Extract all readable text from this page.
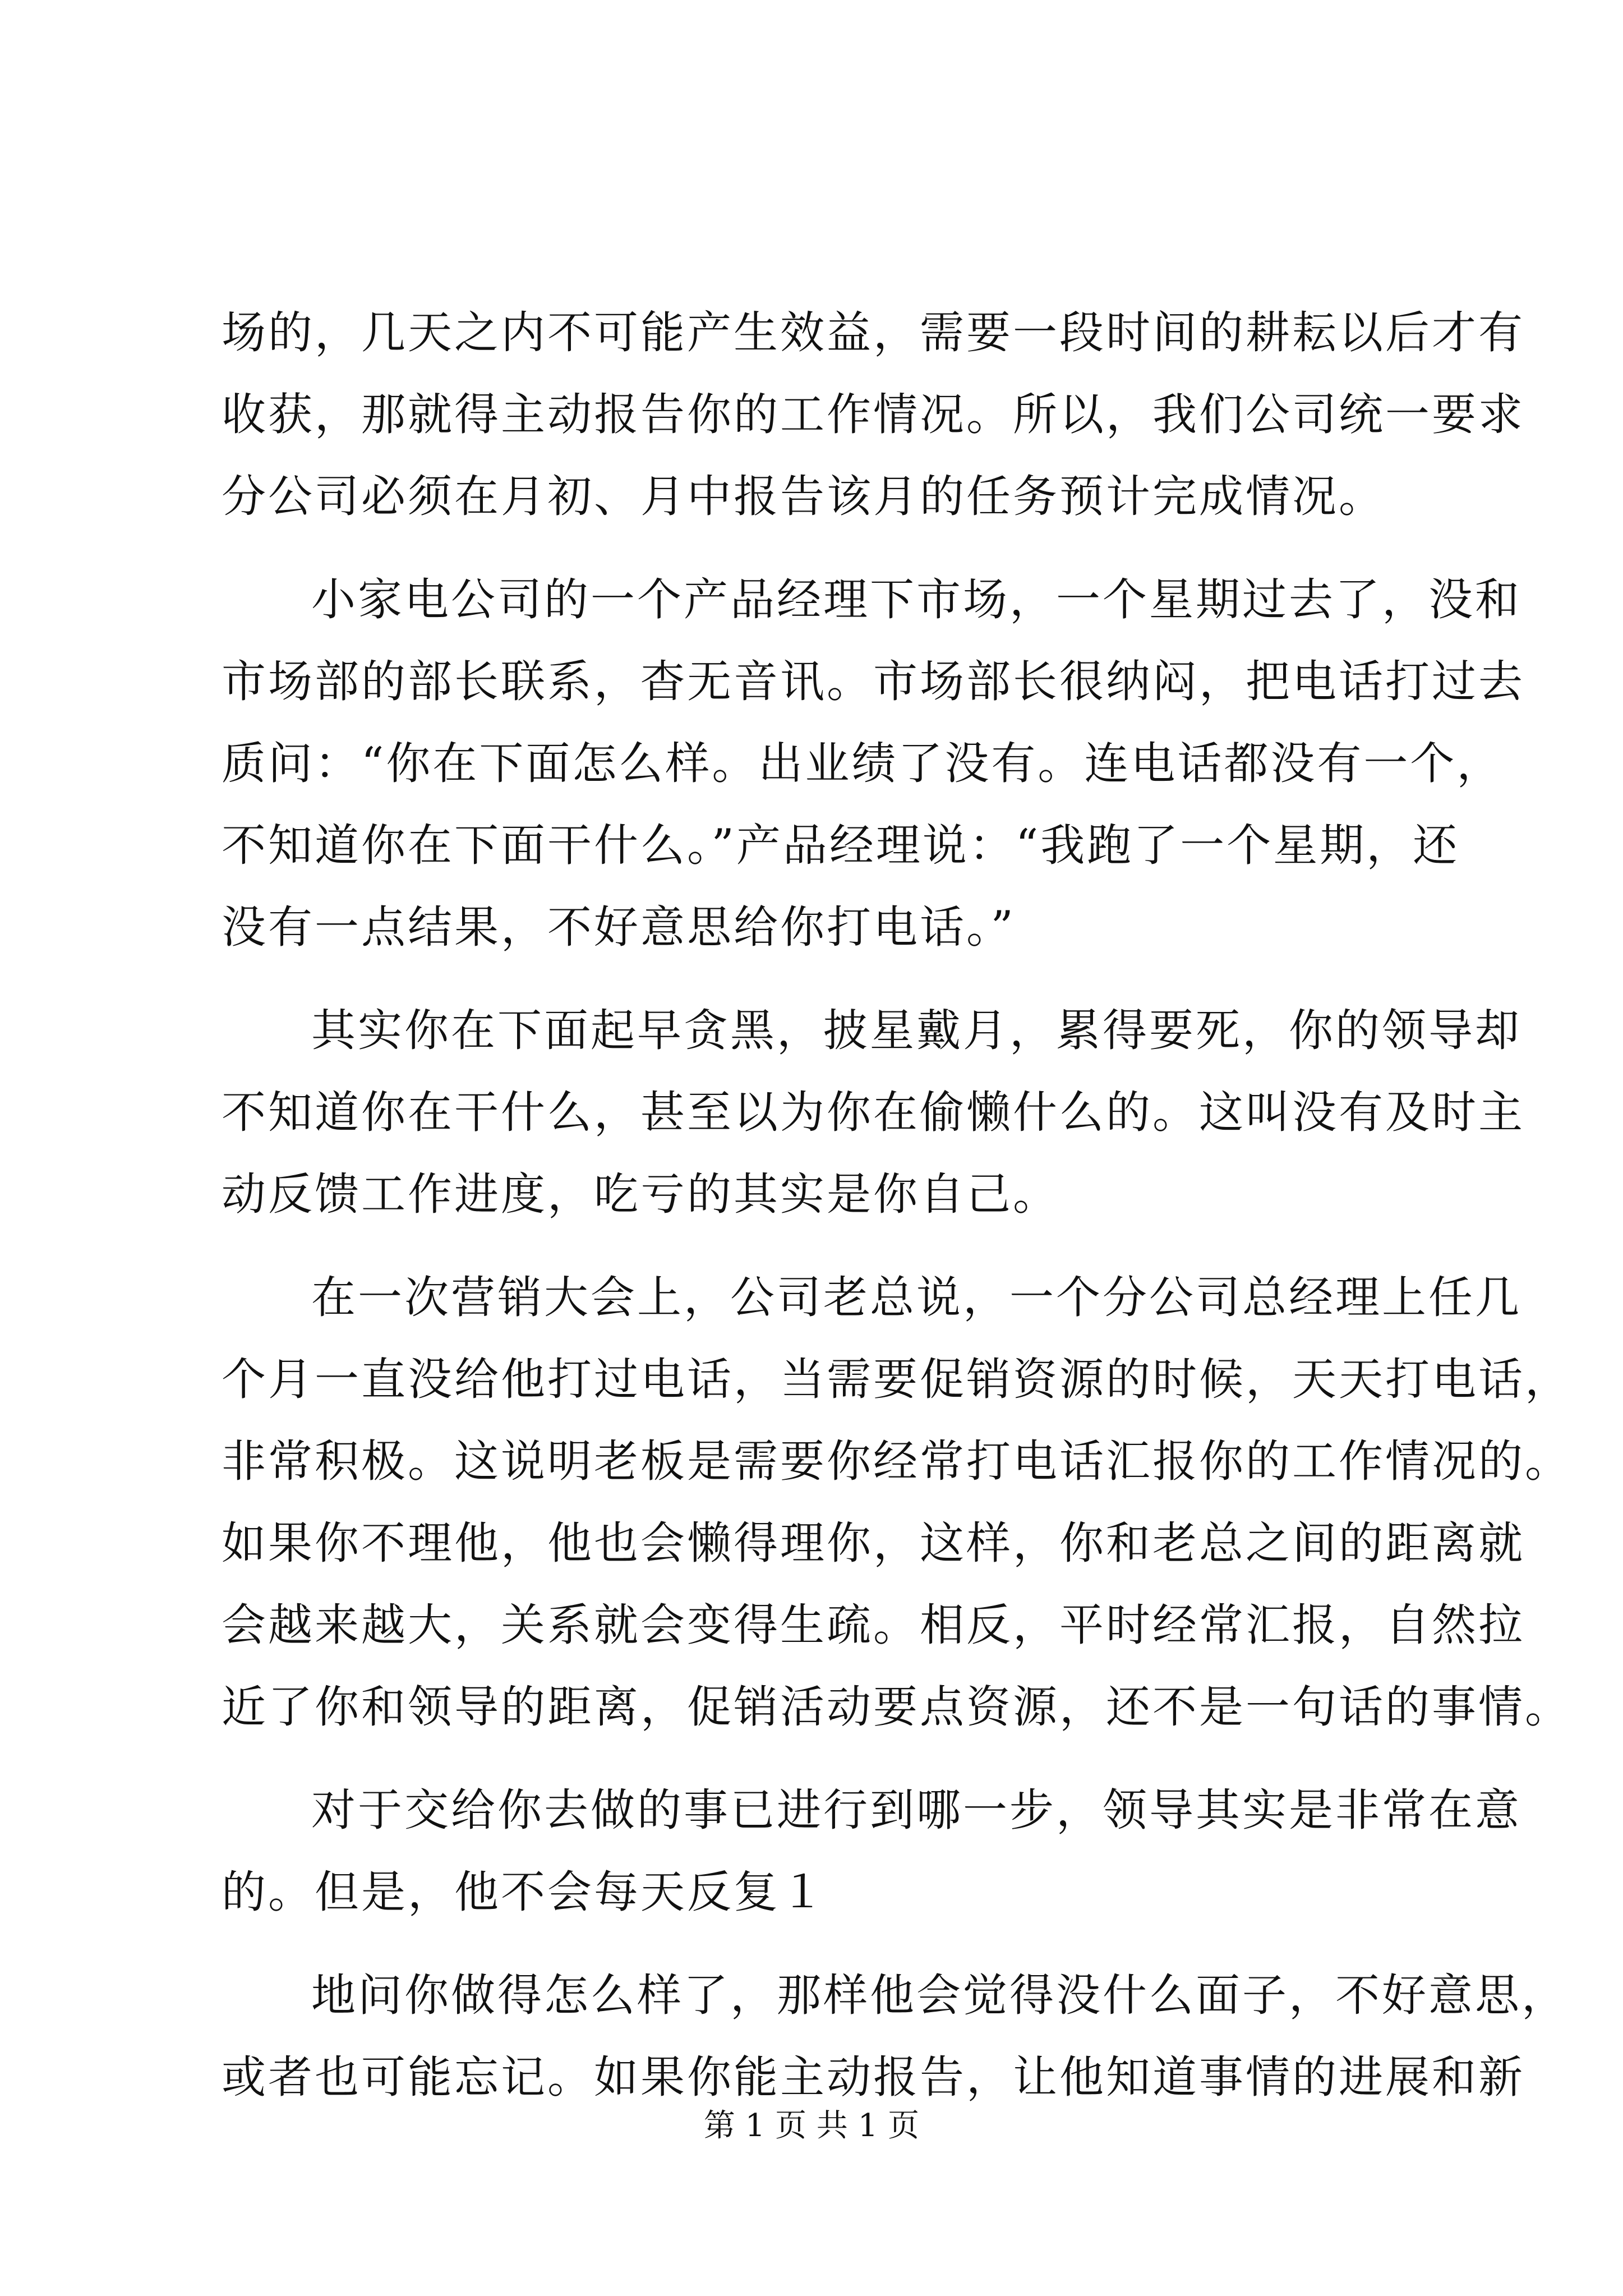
场的，几天之内不可能产生效益，需要一段时间的耕耘以后才有
收获，那就得主动报告你的工作情况。所以，我们公司统一要求
分公司必须在月初、月中报告该月的任务预计完成情况。
小家电公司的一个产品经理下市场，一个星期过去了，没和
市场部的部长联系，杳无音讯。市场部长很纳闷，把电话打过去
质问：“你在下面怎么样。出业绩了没有。连电话都没有一个，
不知道你在下面干什么。”产品经理说：“我跑了一个星期，还
没有一点结果，不好意思给你打电话。”
其实你在下面起早贪黑，披星戴月，累得要死，你的领导却
不知道你在干什么，甚至以为你在偷懒什么的。这叫没有及时主
动反馈工作进度，吃亏的其实是你自己。
在一次营销大会上，公司老总说，一个分公司总经理上任几
个月一直没给他打过电话，当需要促销资源的时候，天天打电话，
非常积极。这说明老板是需要你经常打电话汇报你的工作情况的。
如果你不理他，他也会懒得理你，这样，你和老总之间的距离就
会越来越大，关系就会变得生疏。相反，平时经常汇报，自然拉
近了你和领导的距离，促销活动要点资源，还不是一句话的事情。
对于交给你去做的事已进行到哪一步，领导其实是非常在意
的。但是，他不会每天反复１
地问你做得怎么样了，那样他会觉得没什么面子，不好意思，
或者也可能忘记。如果你能主动报告，让他知道事情的进展和新
第 1 页 共 1 页
